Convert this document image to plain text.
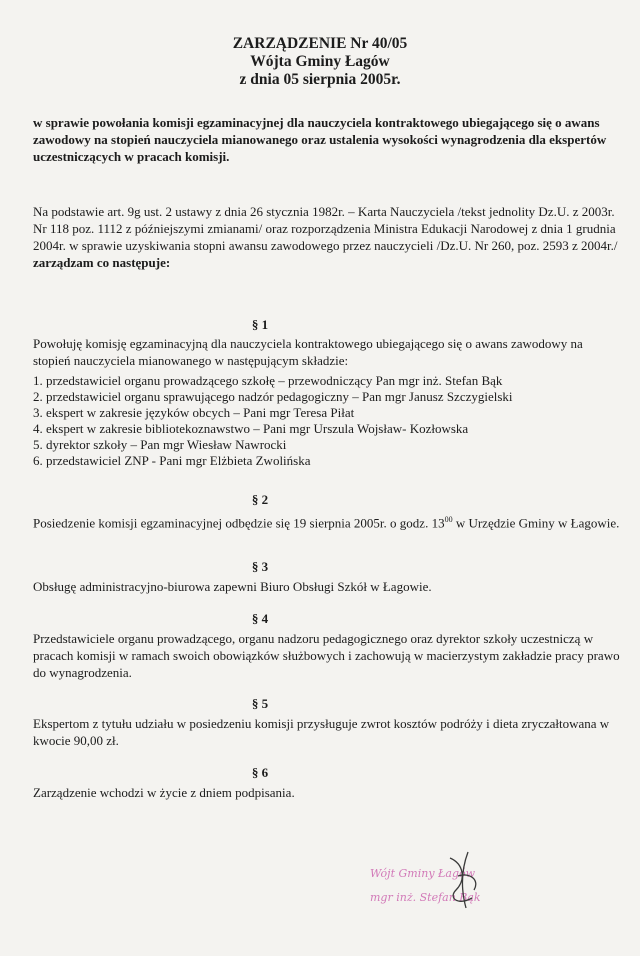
ZARZĄDZENIE Nr 40/05
Wójta Gminy Łagów
z dnia 05 sierpnia 2005r.
w sprawie powołania komisji egzaminacyjnej dla nauczyciela kontraktowego ubiegającego się o awans zawodowy na stopień nauczyciela mianowanego oraz ustalenia wysokości wynagrodzenia dla ekspertów uczestniczących w pracach komisji.
Na podstawie art. 9g ust. 2 ustawy z dnia 26 stycznia 1982r. – Karta Nauczyciela /tekst jednolity Dz.U. z 2003r. Nr 118 poz. 1112 z późniejszymi zmianami/ oraz rozporządzenia Ministra Edukacji Narodowej z dnia 1 grudnia 2004r. w sprawie uzyskiwania stopni awansu zawodowego przez nauczycieli /Dz.U. Nr 260, poz. 2593 z 2004r./
zarządzam co następuje:
§ 1
Powołuję komisję egzaminacyjną dla nauczyciela kontraktowego ubiegającego się o awans zawodowy na stopień nauczyciela mianowanego w następującym składzie:
1. przedstawiciel organu prowadzącego szkołę – przewodniczący Pan mgr inż. Stefan Bąk
2. przedstawiciel organu sprawującego nadzór pedagogiczny – Pan mgr Janusz Szczygielski
3. ekspert w zakresie języków obcych – Pani mgr Teresa Piłat
4. ekspert w zakresie bibliotekoznawstwo – Pani mgr Urszula Wojsław- Kozłowska
5. dyrektor szkoły – Pan mgr Wiesław Nawrocki
6. przedstawiciel ZNP - Pani mgr Elżbieta Zwolińska
§ 2
Posiedzenie komisji egzaminacyjnej odbędzie się 19 sierpnia 2005r. o godz. $13^{00}$ w Urzędzie Gminy w Łagowie.
§ 3
Obsługę administracyjno-biurowa zapewni Biuro Obsługi Szkół w Łagowie.
§ 4
Przedstawiciele organu prowadzącego, organu nadzoru pedagogicznego oraz dyrektor szkoły uczestniczą w pracach komisji w ramach swoich obowiązków służbowych i zachowują w macierzystym zakładzie pracy prawo do wynagrodzenia.
§ 5
Ekspertom z tytułu udziału w posiedzeniu komisji przysługuje zwrot kosztów podróży i dieta zryczałtowana w kwocie 90,00 zł.
§ 6
Zarządzenie wchodzi w życie z dniem podpisania.
Wójt Gminy Łagów
mgr inż. Stefan Bąk
